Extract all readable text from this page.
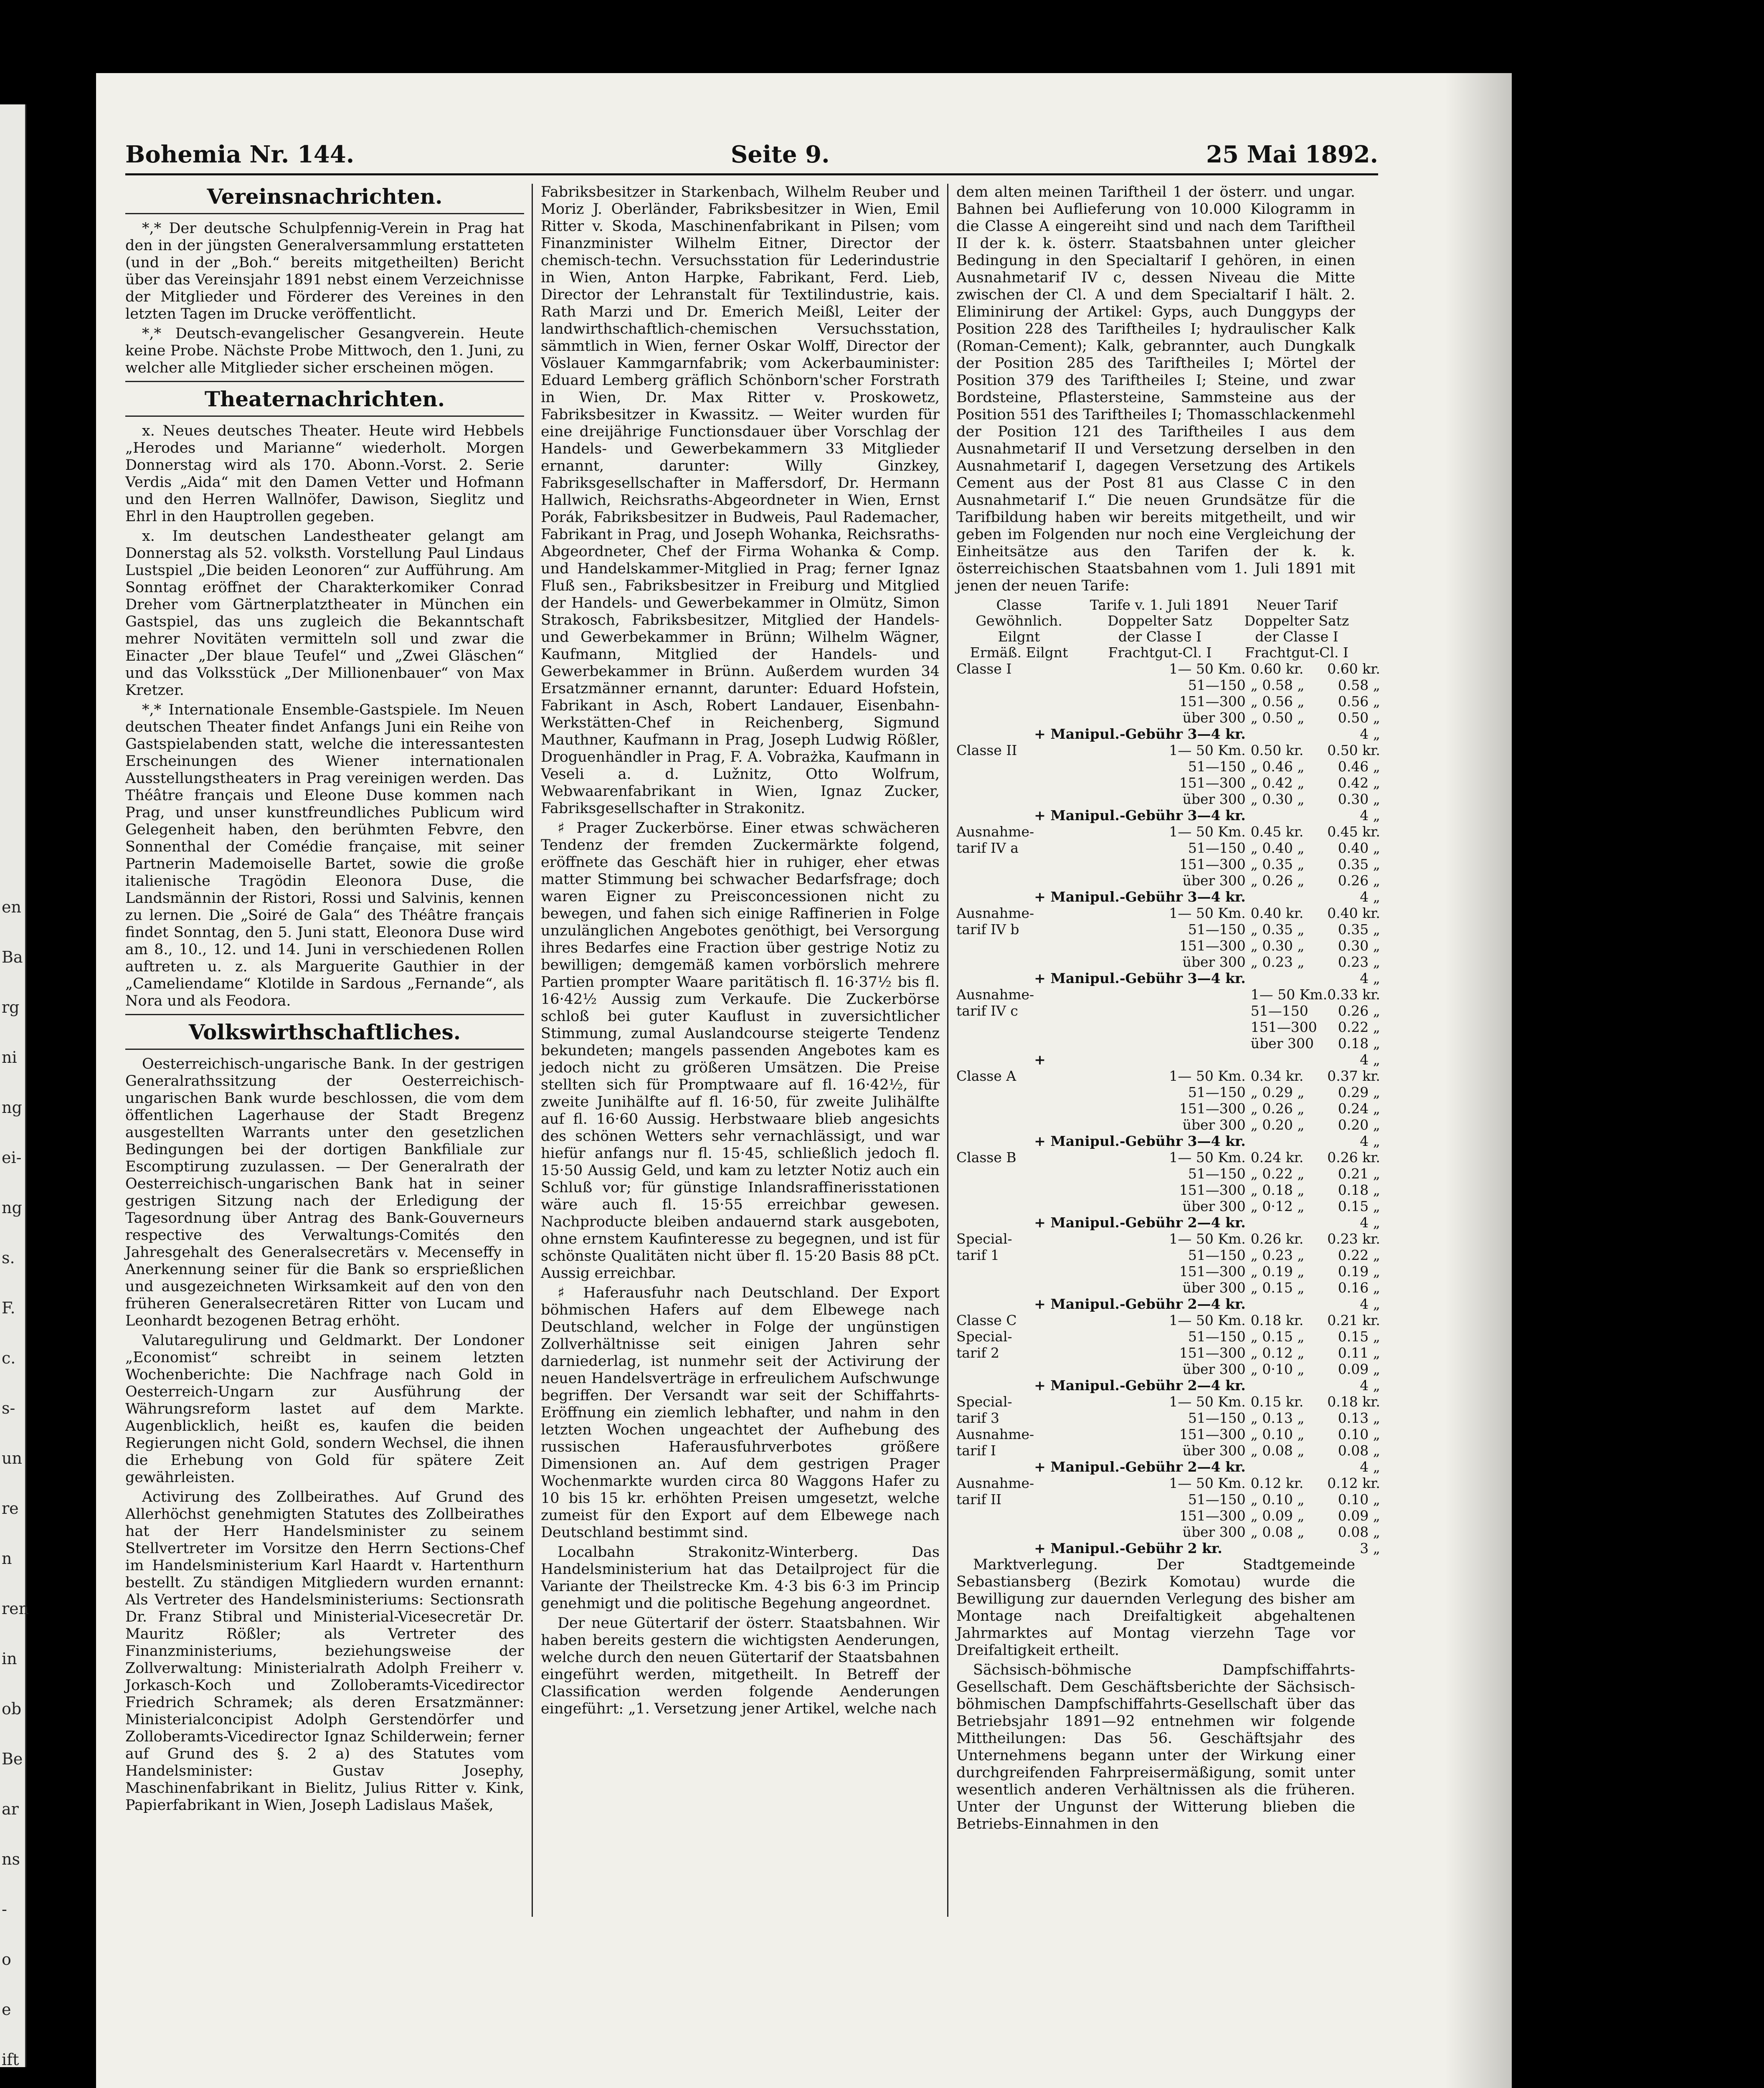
en
Ba
rg
ni
ng
ei-
ng
s.
F.
c.
s-
un
re
n
ren
in
ob
Be
ar
ns
-
o
e
ift
Bohemia Nr. 144.	Seite 9.	25 Mai 1892.
Vereinsnachrichten.

*,* Der deutsche Schulpfennig-Verein in Prag hat den in der jüngsten Generalversammlung erstatteten (und in der „Boh.“ bereits mitgetheilten) Bericht über das Vereinsjahr 1891 nebst einem Verzeichnisse der Mitglieder und Förderer des Vereines in den letzten Tagen im Drucke veröffentlicht.

*,* Deutsch-evangelischer Gesangverein. Heute keine Probe. Nächste Probe Mittwoch, den 1. Juni, zu welcher alle Mitglieder sicher erscheinen mögen.

Theaternachrichten.

x. Neues deutsches Theater. Heute wird Hebbels „Herodes und Marianne“ wiederholt. Morgen Donnerstag wird als 170. Abonn.-Vorst. 2. Serie Verdis „Aida“ mit den Damen Vetter und Hofmann und den Herren Wallnöfer, Dawison, Sieglitz und Ehrl in den Hauptrollen gegeben.

x. Im deutschen Landestheater gelangt am Donnerstag als 52. volksth. Vorstellung Paul Lindaus Lustspiel „Die beiden Leonoren“ zur Aufführung. Am Sonntag eröffnet der Charakterkomiker Conrad Dreher vom Gärtnerplatztheater in München ein Gastspiel, das uns zugleich die Bekanntschaft mehrer Novitäten vermitteln soll und zwar die Einacter „Der blaue Teufel“ und „Zwei Gläschen“ und das Volksstück „Der Millionenbauer“ von Max Kretzer.

*,* Internationale Ensemble-Gastspiele. Im Neuen deutschen Theater findet Anfangs Juni ein Reihe von Gastspielabenden statt, welche die interessantesten Erscheinungen des Wiener internationalen Ausstellungstheaters in Prag vereinigen werden. Das Théâtre français und Eleone Duse kommen nach Prag, und unser kunstfreundliches Publicum wird Gelegenheit haben, den berühmten Febvre, den Sonnenthal der Comédie française, mit seiner Partnerin Mademoiselle Bartet, sowie die große italienische Tragödin Eleonora Duse, die Landsmännin der Ristori, Rossi und Salvinis, kennen zu lernen. Die „Soiré de Gala“ des Théâtre français findet Sonntag, den 5. Juni statt, Eleonora Duse wird am 8., 10., 12. und 14. Juni in verschiedenen Rollen auftreten u. z. als Marguerite Gauthier in der „Cameliendame“ Klotilde in Sardous „Fernande“, als Nora und als Feodora.

Volkswirthschaftliches.

Oesterreichisch-ungarische Bank. In der gestrigen Generalrathssitzung der Oesterreichisch-ungarischen Bank wurde beschlossen, die vom dem öffentlichen Lagerhause der Stadt Bregenz ausgestellten Warrants unter den gesetzlichen Bedingungen bei der dortigen Bankfiliale zur Escomptirung zuzulassen. — Der Generalrath der Oesterreichisch-ungarischen Bank hat in seiner gestrigen Sitzung nach der Erledigung der Tagesordnung über Antrag des Bank-Gouverneurs respective des Verwaltungs-Comités den Jahresgehalt des Generalsecretärs v. Mecenseffy in Anerkennung seiner für die Bank so ersprießlichen und ausgezeichneten Wirksamkeit auf den von den früheren Generalsecretären Ritter von Lucam und Leonhardt bezogenen Betrag erhöht.

Valutaregulirung und Geldmarkt. Der Londoner „Economist“ schreibt in seinem letzten Wochenberichte: Die Nachfrage nach Gold in Oesterreich-Ungarn zur Ausführung der Währungsreform lastet auf dem Markte. Augenblicklich, heißt es, kaufen die beiden Regierungen nicht Gold, sondern Wechsel, die ihnen die Erhebung von Gold für spätere Zeit gewährleisten.

Activirung des Zollbeirathes. Auf Grund des Allerhöchst genehmigten Statutes des Zollbeirathes hat der Herr Handelsminister zu seinem Stellvertreter im Vorsitze den Herrn Sections-Chef im Handelsministerium Karl Haardt v. Hartenthurn bestellt. Zu ständigen Mitgliedern wurden ernannt: Als Vertreter des Handelsministeriums: Sectionsrath Dr. Franz Stibral und Ministerial-Vicesecretär Dr. Mauritz Rößler; als Vertreter des Finanzministeriums, beziehungsweise der Zollverwaltung: Ministerialrath Adolph Freiherr v. Jorkasch-Koch und Zolloberamts-Vicedirector Friedrich Schramek; als deren Ersatzmänner: Ministerialconcipist Adolph Gerstendörfer und Zolloberamts-Vicedirector Ignaz Schilderwein; ferner auf Grund des §. 2 a) des Statutes vom Handelsminister: Gustav Josephy, Maschinenfabrikant in Bielitz, Julius Ritter v. Kink, Papierfabrikant in Wien, Joseph Ladislaus Mašek,

Fabriksbesitzer in Starkenbach, Wilhelm Reuber und Moriz J. Oberländer, Fabriksbesitzer in Wien, Emil Ritter v. Skoda, Maschinenfabrikant in Pilsen; vom Finanzminister Wilhelm Eitner, Director der chemisch-techn. Versuchsstation für Lederindustrie in Wien, Anton Harpke, Fabrikant, Ferd. Lieb, Director der Lehranstalt für Textilindustrie, kais. Rath Marzi und Dr. Emerich Meißl, Leiter der landwirthschaftlich-chemischen Versuchsstation, sämmtlich in Wien, ferner Oskar Wolff, Director der Vöslauer Kammgarnfabrik; vom Ackerbauminister: Eduard Lemberg gräflich Schönborn'scher Forstrath in Wien, Dr. Max Ritter v. Proskowetz, Fabriksbesitzer in Kwassitz. — Weiter wurden für eine dreijährige Functionsdauer über Vorschlag der Handels- und Gewerbekammern 33 Mitglieder ernannt, darunter: Willy Ginzkey, Fabriksgesellschafter in Maffersdorf, Dr. Hermann Hallwich, Reichsraths-Abgeordneter in Wien, Ernst Porák, Fabriksbesitzer in Budweis, Paul Rademacher, Fabrikant in Prag, und Joseph Wohanka, Reichsraths-Abgeordneter, Chef der Firma Wohanka & Comp. und Handelskammer-Mitglied in Prag; ferner Ignaz Fluß sen., Fabriksbesitzer in Freiburg und Mitglied der Handels- und Gewerbekammer in Olmütz, Simon Strakosch, Fabriksbesitzer, Mitglied der Handels- und Gewerbekammer in Brünn; Wilhelm Wägner, Kaufmann, Mitglied der Handels- und Gewerbekammer in Brünn. Außerdem wurden 34 Ersatzmänner ernannt, darunter: Eduard Hofstein, Fabrikant in Asch, Robert Landauer, Eisenbahn-Werkstätten-Chef in Reichenberg, Sigmund Mauthner, Kaufmann in Prag, Joseph Ludwig Rößler, Droguenhändler in Prag, F. A. Vobrażka, Kaufmann in Veseli a. d. Lužnitz, Otto Wolfrum, Webwaarenfabrikant in Wien, Ignaz Zucker, Fabriksgesellschafter in Strakonitz.

♯ Prager Zuckerbörse. Einer etwas schwächeren Tendenz der fremden Zuckermärkte folgend, eröffnete das Geschäft hier in ruhiger, eher etwas matter Stimmung bei schwacher Bedarfsfrage; doch waren Eigner zu Preisconcessionen nicht zu bewegen, und fahen sich einige Raffinerien in Folge unzulänglichen Angebotes genöthigt, bei Versorgung ihres Bedarfes eine Fraction über gestrige Notiz zu bewilligen; demgemäß kamen vorbörslich mehrere Partien prompter Waare paritätisch fl. 16·37½ bis fl. 16·42½ Aussig zum Verkaufe. Die Zuckerbörse schloß bei guter Kauflust in zuversichtlicher Stimmung, zumal Auslandcourse steigerte Tendenz bekundeten; mangels passenden Angebotes kam es jedoch nicht zu größeren Umsätzen. Die Preise stellten sich für Promptwaare auf fl. 16·42½, für zweite Junihälfte auf fl. 16·50, für zweite Julihälfte auf fl. 16·60 Aussig. Herbstwaare blieb angesichts des schönen Wetters sehr vernachlässigt, und war hiefür anfangs nur fl. 15·45, schließlich jedoch fl. 15·50 Aussig Geld, und kam zu letzter Notiz auch ein Schluß vor; für günstige Inlandsraffinerisstationen wäre auch fl. 15·55 erreichbar gewesen. Nachproducte bleiben andauernd stark ausgeboten, ohne ernstem Kaufinteresse zu begegnen, und ist für schönste Qualitäten nicht über fl. 15·20 Basis 88 pCt. Aussig erreichbar.

♯ Haferausfuhr nach Deutschland. Der Export böhmischen Hafers auf dem Elbewege nach Deutschland, welcher in Folge der ungünstigen Zollverhältnisse seit einigen Jahren sehr darniederlag, ist nunmehr seit der Activirung der neuen Handelsverträge in erfreulichem Aufschwunge begriffen. Der Versandt war seit der Schiffahrts-Eröffnung ein ziemlich lebhafter, und nahm in den letzten Wochen ungeachtet der Aufhebung des russischen Haferausfuhrverbotes größere Dimensionen an. Auf dem gestrigen Prager Wochenmarkte wurden circa 80 Waggons Hafer zu 10 bis 15 kr. erhöhten Preisen umgesetzt, welche zumeist für den Export auf dem Elbewege nach Deutschland bestimmt sind.

Localbahn Strakonitz-Winterberg. Das Handelsministerium hat das Detailproject für die Variante der Theilstrecke Km. 4·3 bis 6·3 im Princip genehmigt und die politische Begehung angeordnet.

Der neue Gütertarif der österr. Staatsbahnen. Wir haben bereits gestern die wichtigsten Aenderungen, welche durch den neuen Gütertarif der Staatsbahnen eingeführt werden, mitgetheilt. In Betreff der Classification werden folgende Aenderungen eingeführt: „1. Versetzung jener Artikel, welche nach

dem alten meinen Tariftheil 1 der österr. und ungar. Bahnen bei Auflieferung von 10.000 Kilogramm in die Classe A eingereiht sind und nach dem Tariftheil II der k. k. österr. Staatsbahnen unter gleicher Bedingung in den Specialtarif I gehören, in einen Ausnahmetarif IV c, dessen Niveau die Mitte zwischen der Cl. A und dem Specialtarif I hält. 2. Eliminirung der Artikel: Gyps, auch Dunggyps der Position 228 des Tariftheiles I; hydraulischer Kalk (Roman-Cement); Kalk, gebrannter, auch Dungkalk der Position 285 des Tariftheiles I; Mörtel der Position 379 des Tariftheiles I; Steine, und zwar Bordsteine, Pflastersteine, Sammsteine aus der Position 551 des Tariftheiles I; Thomasschlackenmehl der Position 121 des Tariftheiles I aus dem Ausnahmetarif II und Versetzung derselben in den Ausnahmetarif I, dagegen Versetzung des Artikels Cement aus der Post 81 aus Classe C in den Ausnahmetarif I.“ Die neuen Grundsätze für die Tarifbildung haben wir bereits mitgetheilt, und wir geben im Folgenden nur noch eine Vergleichung der Einheitsätze aus den Tarifen der k. k. österreichischen Staatsbahnen vom 1. Juli 1891 mit jenen der neuen Tarife:

Classe
Gewöhnlich.
Eilgnt
Ermäß. Eilgnt
Tarife v. 1. Juli 1891
Doppelter Satz
der Classe I
Frachtgut-Cl. I
Neuer Tarif
Doppelter Satz
der Classe I
Frachtgut-Cl. I
Classe I	1— 50 Km.	0.60 kr.	0.60 kr.
	51—150	„ 0.58 „	0.58 „
	151—300	„ 0.56 „	0.56 „
	über 300	„ 0.50 „	0.50 „
	+ Manipul.-Gebühr 3—4 kr.		4 „
Classe II	1— 50 Km.	0.50 kr.	0.50 kr.
	51—150	„ 0.46 „	0.46 „
	151—300	„ 0.42 „	0.42 „
	über 300	„ 0.30 „	0.30 „
	+ Manipul.-Gebühr 3—4 kr.		4 „
Ausnahme-	1— 50 Km.	0.45 kr.	0.45 kr.
tarif IV a	51—150	„ 0.40 „	0.40 „
	151—300	„ 0.35 „	0.35 „
	über 300	„ 0.26 „	0.26 „
	+ Manipul.-Gebühr 3—4 kr.		4 „
Ausnahme-	1— 50 Km.	0.40 kr.	0.40 kr.
tarif IV b	51—150	„ 0.35 „	0.35 „
	151—300	„ 0.30 „	0.30 „
	über 300	„ 0.23 „	0.23 „
	+ Manipul.-Gebühr 3—4 kr.		4 „
Ausnahme-		1— 50 Km.	0.33 kr.
tarif IV c		51—150	0.26 „
		151—300	0.22 „
		über 300	0.18 „
	+		4 „
Classe A	1— 50 Km.	0.34 kr.	0.37 kr.
	51—150	„ 0.29 „	0.29 „
	151—300	„ 0.26 „	0.24 „
	über 300	„ 0.20 „	0.20 „
	+ Manipul.-Gebühr 3—4 kr.		4 „
Classe B	1— 50 Km.	0.24 kr.	0.26 kr.
	51—150	„ 0.22 „	0.21 „
	151—300	„ 0.18 „	0.18 „
	über 300	„ 0·12 „	0.15 „
	+ Manipul.-Gebühr 2—4 kr.		4 „
Special-	1— 50 Km.	0.26 kr.	0.23 kr.
tarif 1	51—150	„ 0.23 „	0.22 „
	151—300	„ 0.19 „	0.19 „
	über 300	„ 0.15 „	0.16 „
	+ Manipul.-Gebühr 2—4 kr.		4 „
Classe C	1— 50 Km.	0.18 kr.	0.21 kr.
Special-	51—150	„ 0.15 „	0.15 „
tarif 2	151—300	„ 0.12 „	0.11 „
	über 300	„ 0·10 „	0.09 „
	+ Manipul.-Gebühr 2—4 kr.		4 „
Special-	1— 50 Km.	0.15 kr.	0.18 kr.
tarif 3	51—150	„ 0.13 „	0.13 „
Ausnahme-	151—300	„ 0.10 „	0.10 „
tarif I	über 300	„ 0.08 „	0.08 „
	+ Manipul.-Gebühr 2—4 kr.		4 „
Ausnahme-	1— 50 Km.	0.12 kr.	0.12 kr.
tarif II	51—150	„ 0.10 „	0.10 „
	151—300	„ 0.09 „	0.09 „
	über 300	„ 0.08 „	0.08 „
	+ Manipul.-Gebühr 2 kr.		3 „

Marktverlegung. Der Stadtgemeinde Sebastiansberg (Bezirk Komotau) wurde die Bewilligung zur dauernden Verlegung des bisher am Montage nach Dreifaltigkeit abgehaltenen Jahrmarktes auf Montag vierzehn Tage vor Dreifaltigkeit ertheilt.

Sächsisch-böhmische Dampfschiffahrts-Gesellschaft. Dem Geschäftsberichte der Sächsisch-böhmischen Dampfschiffahrts-Gesellschaft über das Betriebsjahr 1891—92 entnehmen wir folgende Mittheilungen: Das 56. Geschäftsjahr des Unternehmens begann unter der Wirkung einer durchgreifenden Fahrpreisermäßigung, somit unter wesentlich anderen Verhältnissen als die früheren. Unter der Ungunst der Witterung blieben die Betriebs-Einnahmen in den
